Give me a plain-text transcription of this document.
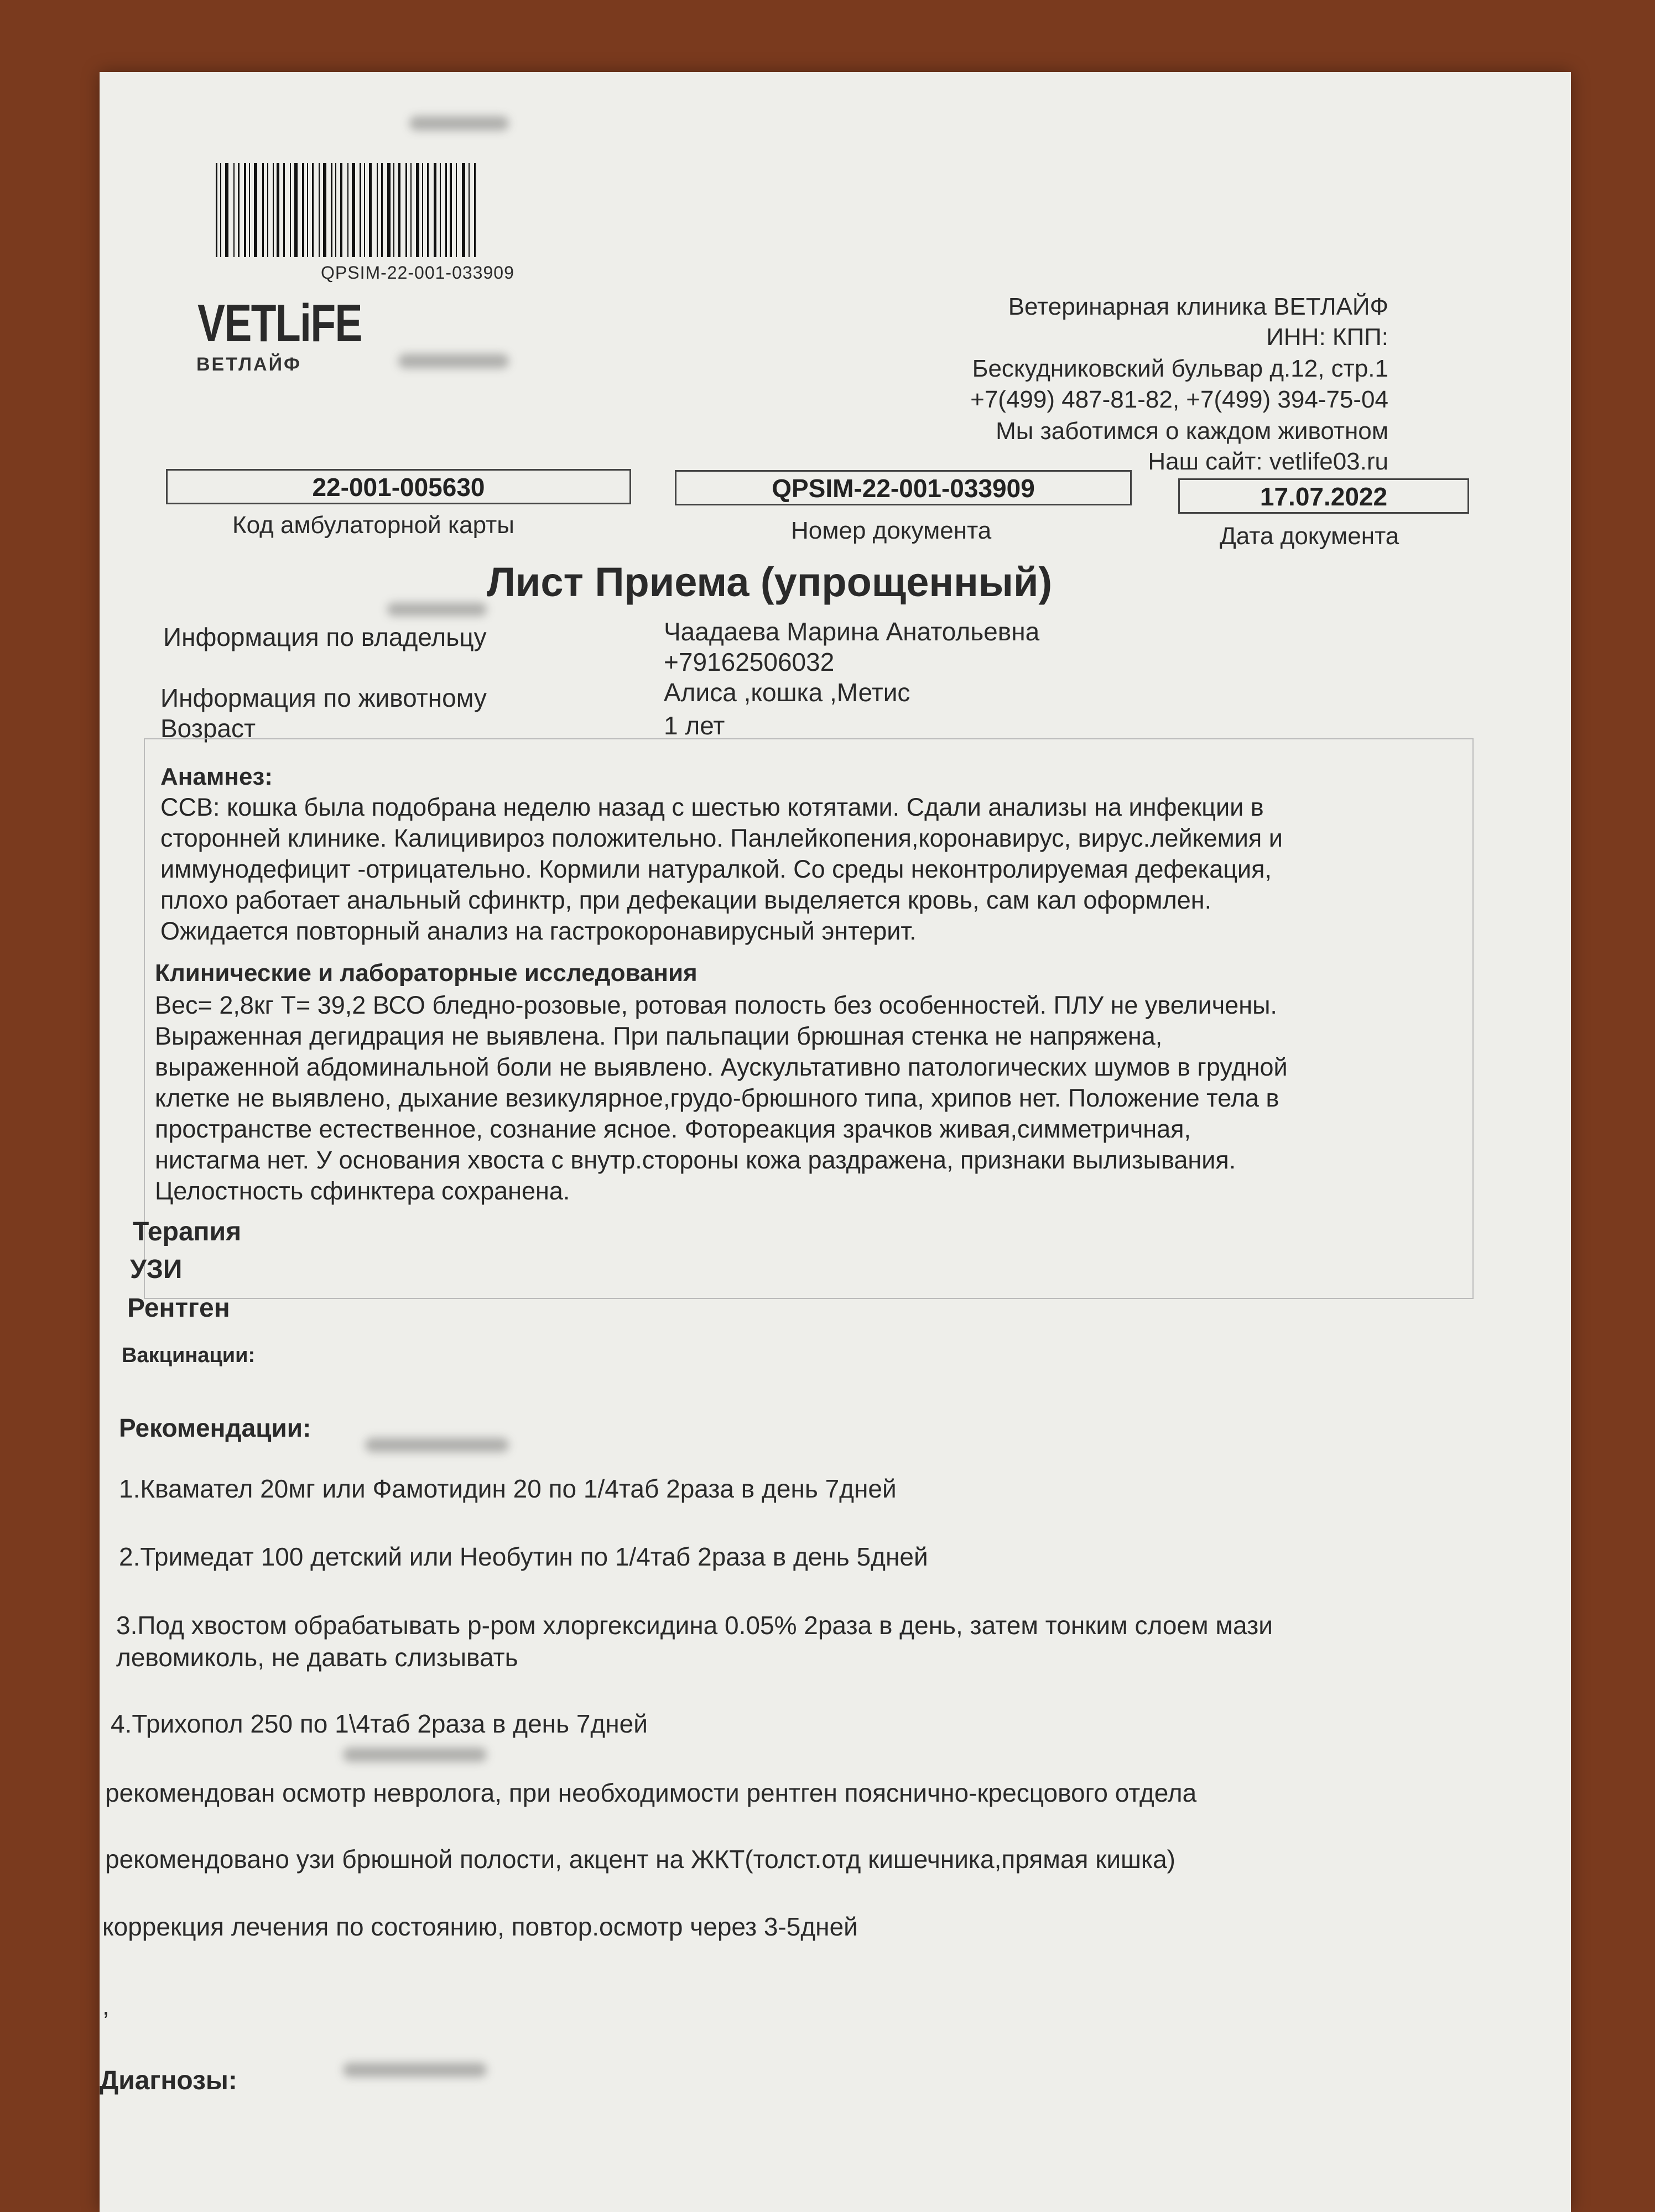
QPSIM-22-001-033909
VETLiFE
ВЕТЛАЙФ
Ветеринарная клиника ВЕТЛАЙФ
ИНН: КПП:
Бескудниковский бульвар д.12, стр.1
+7(499) 487-81-82, +7(499) 394-75-04
Мы заботимся о каждом животном
Наш сайт: vetlife03.ru
22-001-005630
Код амбулаторной карты
QPSIM-22-001-033909
Номер документа
17.07.2022
Дата документа
Лист Приема (упрощенный)
Информация по владельцу	Чаадаева Марина Анатольевна
+79162506032
Информация по животному	Алиса ,кошка ,Метис
Возраст	1 лет
Анамнез:
ССВ: кошка была подобрана неделю назад с шестью котятами. Сдали анализы на инфекции в
сторонней клинике. Калицивироз положительно. Панлейкопения,коронавирус, вирус.лейкемия и
иммунодефицит -отрицательно. Кормили натуралкой. Со среды неконтролируемая дефекация,
плохо работает анальный сфинктр, при дефекации выделяется кровь, сам кал оформлен.
Ожидается повторный анализ на гастрокоронавирусный энтерит.
Клинические и лабораторные исследования
Вес= 2,8кг Т= 39,2 ВСО бледно-розовые, ротовая полость без особенностей. ПЛУ не увеличены.
Выраженная дегидрация не выявлена. При пальпации брюшная стенка не напряжена,
выраженной абдоминальной боли не выявлено. Аускультативно патологических шумов в грудной
клетке не выявлено, дыхание везикулярное,грудо-брюшного типа, хрипов нет. Положение тела в
пространстве естественное, сознание ясное. Фотореакция зрачков живая,симметричная,
нистагма нет. У основания хвоста с внутр.стороны кожа раздражена, признаки вылизывания.
Целостность сфинктера сохранена.
Терапия
УЗИ
Рентген
Вакцинации:
Рекомендации:
1.Квамател 20мг или Фамотидин 20 по 1/4таб 2раза в день 7дней
2.Тримедат 100 детский или Необутин по 1/4таб 2раза в день 5дней
3.Под хвостом обрабатывать р-ром хлоргексидина 0.05% 2раза в день, затем тонким слоем мази
левомиколь, не давать слизывать
4.Трихопол 250 по 1\4таб 2раза в день 7дней
рекомендован осмотр невролога, при необходимости рентген пояснично-кресцового отдела
рекомендовано узи брюшной полости, акцент на ЖКТ(толст.отд кишечника,прямая кишка)
коррекция лечения по состоянию, повтор.осмотр через 3-5дней
,
Диагнозы:
